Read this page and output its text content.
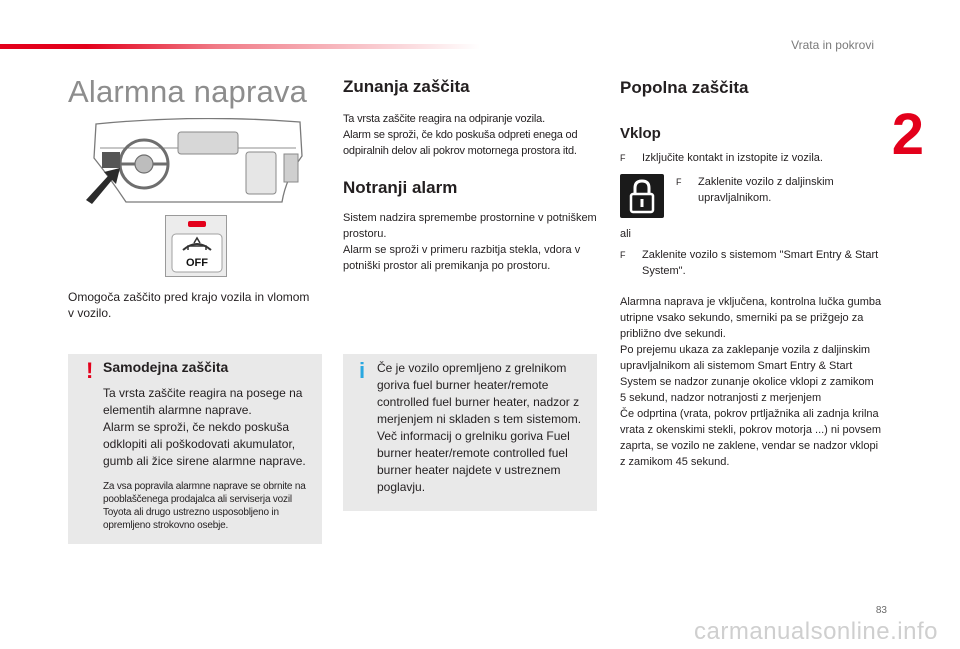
Vrata in pokrovi
2
Alarmna naprava
OFF
Omogoča zaščito pred krajo vozila in vlomom v vozilo.
! Samodejna zaščita
Ta vrsta zaščite reagira na posege na elementih alarmne naprave.
Alarm se sproži, če nekdo poskuša odklopiti ali poškodovati akumulator, gumb ali žice sirene alarmne naprave.
Za vsa popravila alarmne naprave se obrnite na pooblaščenega prodajalca ali serviserja vozil Toyota ali drugo ustrezno usposobljeno in opremljeno strokovno osebje.
Zunanja zaščita
Ta vrsta zaščite reagira na odpiranje vozila.
Alarm se sproži, če kdo poskuša odpreti enega od odpiralnih delov ali pokrov motornega prostora itd.
Notranji alarm
Sistem nadzira spremembe prostornine v potniškem prostoru.
Alarm se sproži v primeru razbitja stekla, vdora v potniški prostor ali premikanja po prostoru.
i Če je vozilo opremljeno z grelnikom goriva fuel burner heater/remote controlled fuel burner heater, nadzor z merjenjem ni skladen s tem sistemom. Več informacij o grelniku goriva Fuel burner heater/remote controlled fuel burner heater najdete v ustreznem poglavju.
Popolna zaščita
Vklop
F Izključite kontakt in izstopite iz vozila.
F Zaklenite vozilo z daljinskim upravljalnikom.
ali
F Zaklenite vozilo s sistemom "Smart Entry & Start System".
Alarmna naprava je vključena, kontrolna lučka gumba utripne vsako sekundo, smerniki pa se prižgejo za približno dve sekundi.
Po prejemu ukaza za zaklepanje vozila z daljinskim upravljalnikom ali sistemom Smart Entry & Start System se nadzor zunanje okolice vklopi z zamikom 5 sekund, nadzor notranjosti z merjenjem
Če odprtina (vrata, pokrov prtljažnika ali zadnja krilna vrata z okenskimi stekli, pokrov motorja ...) ni povsem zaprta, se vozilo ne zaklene, vendar se nadzor vklopi z zamikom 45 sekund.
83
carmanualsonline.info
